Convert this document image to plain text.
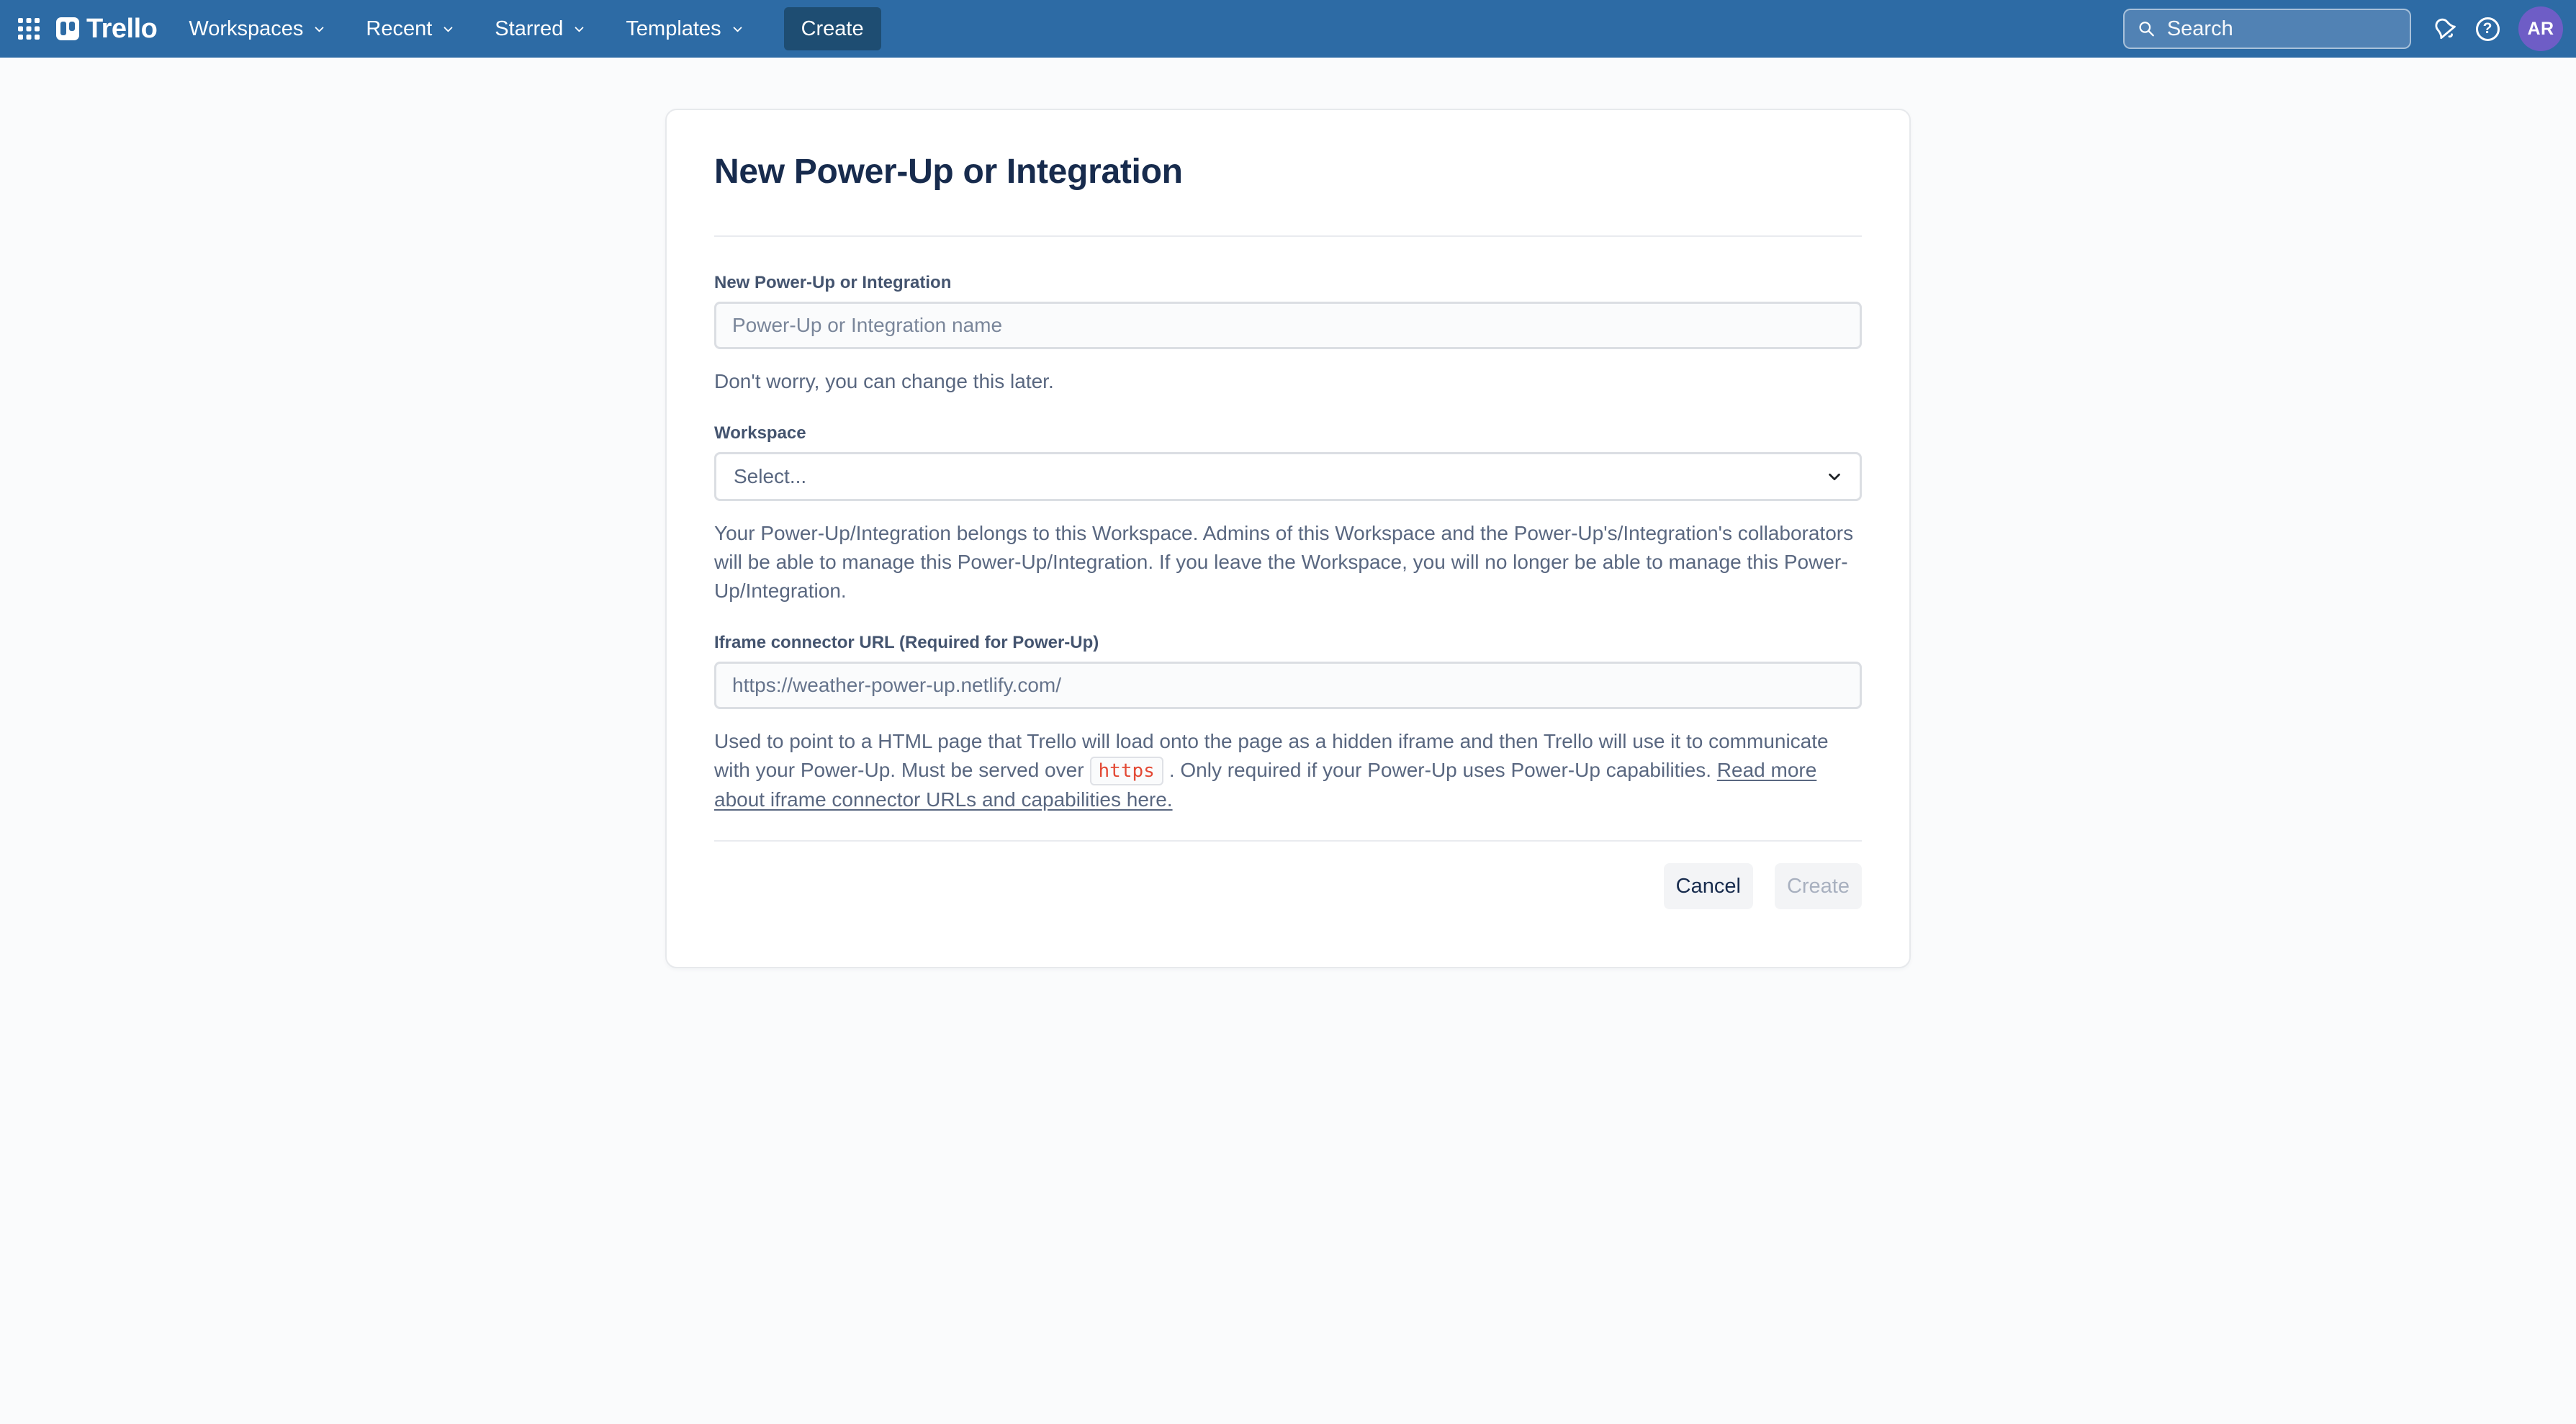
Trello Workspaces	Recent	Starred	Templates	Create
Search	?	AR
New Power-Up or Integration
New Power-Up or Integration
Power-Up or Integration name

Don't worry, you can change this later.

Workspace
Select...

Your Power-Up/Integration belongs to this Workspace. Admins of this Workspace and the Power-Up's/Integration's collaborators will be able to manage this Power-Up/Integration. If you leave the Workspace, you will no longer be able to manage this Power-Up/Integration.

Iframe connector URL (Required for Power-Up)
https://weather-power-up.netlify.com/

Used to point to a HTML page that Trello will load onto the page as a hidden iframe and then Trello will use it to communicate with your Power-Up. Must be served over https . Only required if your Power-Up uses Power-Up capabilities. Read more about iframe connector URLs and capabilities here.

Cancel	Create
